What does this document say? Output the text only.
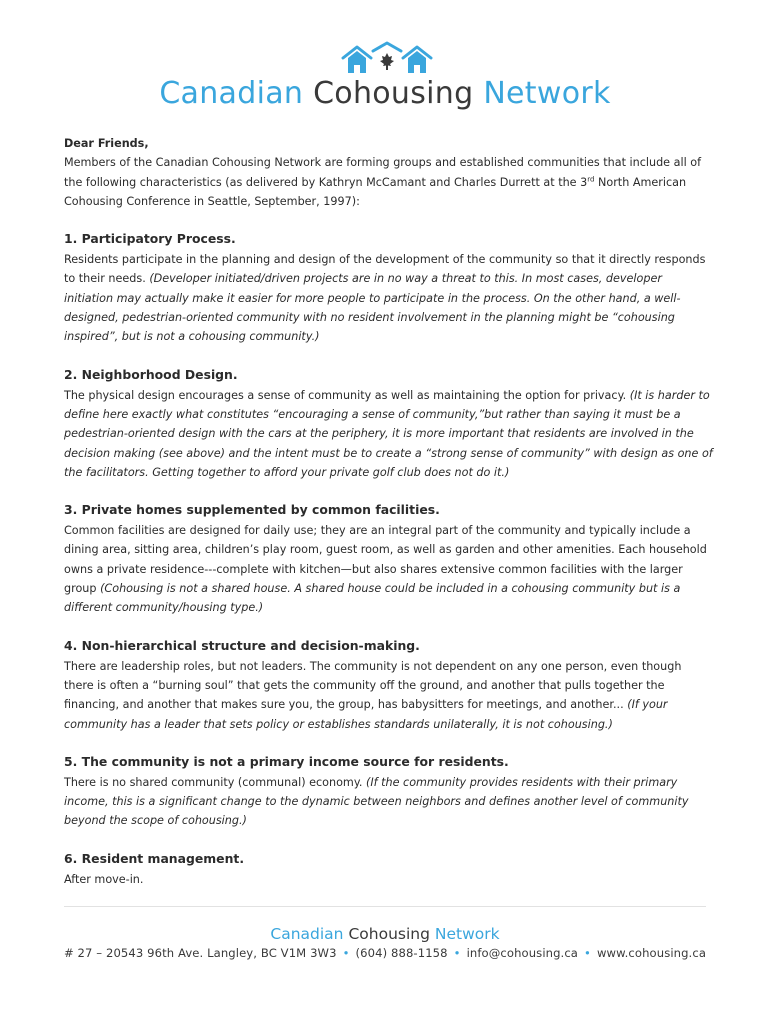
Canadian Cohousing Network

Dear Friends,

Members of the Canadian Cohousing Network are forming groups and established communities that include all of the following characteristics (as delivered by Kathryn McCamant and Charles Durrett at the 3rd North American Cohousing Conference in Seattle, September, 1997):

1. Participatory Process.

Residents participate in the planning and design of the development of the community so that it directly responds to their needs. (Developer initiated/driven projects are in no way a threat to this. In most cases, developer initiation may actually make it easier for more people to participate in the process. On the other hand, a well-designed, pedestrian-oriented community with no resident involvement in the planning might be “cohousing inspired”, but is not a cohousing community.)

2. Neighborhood Design.

The physical design encourages a sense of community as well as maintaining the option for privacy. (It is harder to define here exactly what constitutes “encouraging a sense of community,”but rather than saying it must be a pedestrian-oriented design with the cars at the periphery, it is more important that residents are involved in the decision making (see above) and the intent must be to create a “strong sense of community” with design as one of the facilitators. Getting together to afford your private golf club does not do it.)

3. Private homes supplemented by common facilities.

Common facilities are designed for daily use; they are an integral part of the community and typically include a dining area, sitting area, children’s play room, guest room, as well as garden and other amenities. Each household owns a private residence---complete with kitchen—but also shares extensive common facilities with the larger group (Cohousing is not a shared house. A shared house could be included in a cohousing community but is a different community/housing type.)

4. Non-hierarchical structure and decision-making.

There are leadership roles, but not leaders. The community is not dependent on any one person, even though there is often a “burning soul” that gets the community off the ground, and another that pulls together the financing, and another that makes sure you, the group, has babysitters for meetings, and another... (If your community has a leader that sets policy or establishes standards unilaterally, it is not cohousing.)

5. The community is not a primary income source for residents.

There is no shared community (communal) economy. (If the community provides residents with their primary income, this is a significant change to the dynamic between neighbors and defines another level of community beyond the scope of cohousing.)

6. Resident management.

After move-in.

Canadian Cohousing Network
# 27 – 20543 96th Ave. Langley, BC V1M 3W3 • (604) 888-1158 • info@cohousing.ca • www.cohousing.ca
